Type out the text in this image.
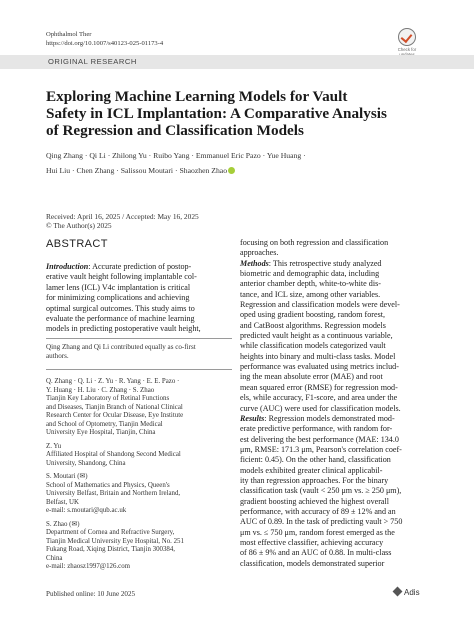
Ophthalmol Ther
https://doi.org/10.1007/s40123-025-01173-4
Check for
ORIGINAL RESEARCH
Exploring Machine Learning Models for Vault
Safety in ICL Implantation: A Comparative Analysis
of Regression and Classification Models
Qing Zhang · Qi Li · Zhilong Yu · Ruibo Yang · Emmanuel Eric Pazo · Yue Huang ·
Hui Liu · Chen Zhang · Salissou Moutari · Shaozhen Zhao
Received: April 16, 2025 / Accepted: May 16, 2025
© The Author(s) 2025
ABSTRACT
Introduction: Accurate prediction of postop-
erative vault height following implantable col-
lamer lens (ICL) V4c implantation is critical
for minimizing complications and achieving
optimal surgical outcomes. This study aims to
evaluate the performance of machine learning
models in predicting postoperative vault height,
Qing Zhang and Qi Li contributed equally as co-first
authors.
Q. Zhang · Q. Li · Z. Yu · R. Yang · E. E. Pazo ·
Y. Huang · H. Liu · C. Zhang · S. Zhao
Tianjin Key Laboratory of Retinal Functions
and Diseases, Tianjin Branch of National Clinical
Research Center for Ocular Disease, Eye Institute
and School of Optometry, Tianjin Medical
University Eye Hospital, Tianjin, China
Z. Yu
Affiliated Hospital of Shandong Second Medical
University, Shandong, China
S. Moutari (✉)
School of Mathematics and Physics, Queen's
University Belfast, Britain and Northern Ireland,
Belfast, UK
e-mail: s.moutari@qub.ac.uk
S. Zhao (✉)
Department of Cornea and Refractive Surgery,
Tianjin Medical University Eye Hospital, No. 251
Fukang Road, Xiqing District, Tianjin 300384,
China
e-mail: zhaosz1997@126.com
focusing on both regression and classification
approaches.
Methods: This retrospective study analyzed
biometric and demographic data, including
anterior chamber depth, white-to-white dis-
tance, and ICL size, among other variables.
Regression and classification models were devel-
oped using gradient boosting, random forest,
and CatBoost algorithms. Regression models
predicted vault height as a continuous variable,
while classification models categorized vault
heights into binary and multi-class tasks. Model
performance was evaluated using metrics includ-
ing the mean absolute error (MAE) and root
mean squared error (RMSE) for regression mod-
els, while accuracy, F1-score, and area under the
curve (AUC) were used for classification models.
Results: Regression models demonstrated mod-
erate predictive performance, with random for-
est delivering the best performance (MAE: 134.0
μm, RMSE: 171.3 μm, Pearson's correlation coef-
ficient: 0.45). On the other hand, classification
models exhibited greater clinical applicabil-
ity than regression approaches. For the binary
classification task (vault < 250 μm vs. ≥ 250 μm),
gradient boosting achieved the highest overall
performance, with accuracy of 89 ± 12% and an
AUC of 0.89. In the task of predicting vault > 750
μm vs. ≤ 750 μm, random forest emerged as the
most effective classifier, achieving accuracy
of 86 ± 9% and an AUC of 0.88. In multi-class
classification, models demonstrated superior
Published online: 10 June 2025	Adis
